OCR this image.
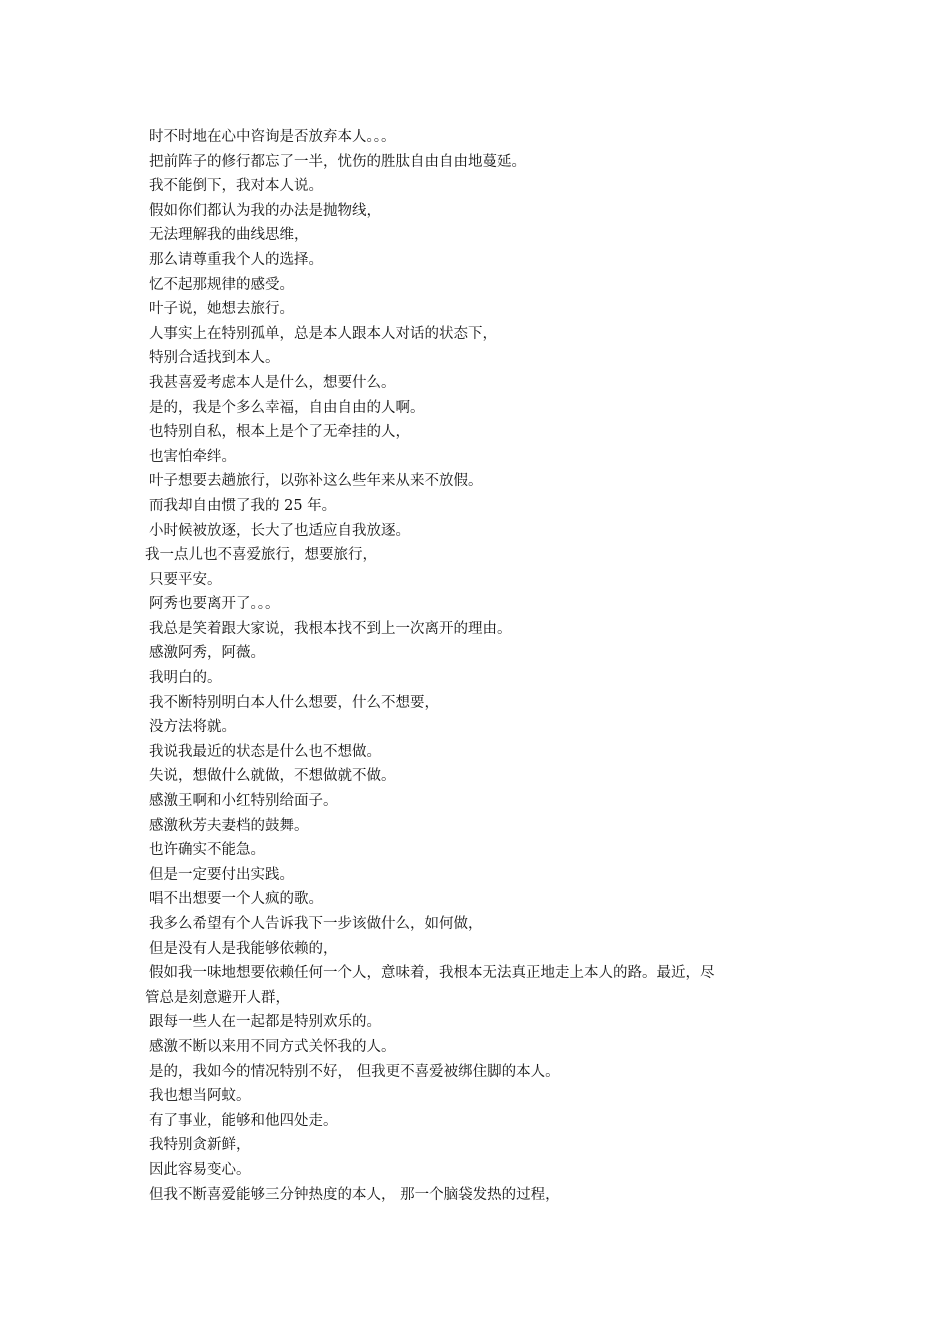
时不时地在心中咨询是否放弃本人。。。
把前阵子的修行都忘了一半，忧伤的胜肽自由自由地蔓延。
我不能倒下，我对本人说。
假如你们都认为我的办法是抛物线，
无法理解我的曲线思维，
那么请尊重我个人的选择。
忆不起那规律的感受。
叶子说，她想去旅行。
人事实上在特别孤单，总是本人跟本人对话的状态下，
特别合适找到本人。
我甚喜爱考虑本人是什么，想要什么。
是的，我是个多么幸福，自由自由的人啊。
也特别自私，根本上是个了无牵挂的人，
也害怕牵绊。
叶子想要去趟旅行，以弥补这么些年来从来不放假。
而我却自由惯了我的 25 年。
小时候被放逐，长大了也适应自我放逐。
我一点儿也不喜爱旅行，想要旅行，
只要平安。
阿秀也要离开了。。。
我总是笑着跟大家说，我根本找不到上一次离开的理由。
感激阿秀，阿薇。
我明白的。
我不断特别明白本人什么想要，什么不想要，
没方法将就。
我说我最近的状态是什么也不想做。
失说，想做什么就做，不想做就不做。
感激王啊和小红特别给面子。
感激秋芳夫妻档的鼓舞。
也许确实不能急。
但是一定要付出实践。
唱不出想要一个人疯的歌。
我多么希望有个人告诉我下一步该做什么，如何做，
但是没有人是我能够依赖的，
假如我一味地想要依赖任何一个人，意味着，我根本无法真正地走上本人的路。最近，尽
管总是刻意避开人群，
跟每一些人在一起都是特别欢乐的。
感激不断以来用不同方式关怀我的人。
是的，我如今的情况特别不好， 但我更不喜爱被绑住脚的本人。
我也想当阿蚊。
有了事业，能够和他四处走。
我特别贪新鲜，
因此容易变心。
但我不断喜爱能够三分钟热度的本人， 那一个脑袋发热的过程，
